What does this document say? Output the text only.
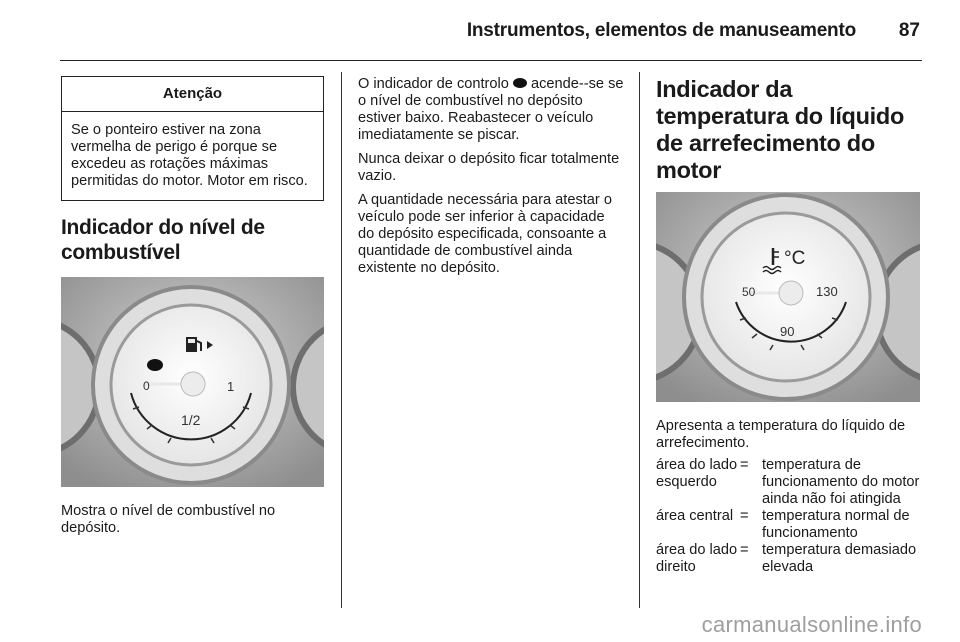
Instrumentos, elementos de manuseamento 87
Atenção
Se o ponteiro estiver na zona vermelha de perigo é porque se excedeu as rotações máximas permitidas do motor. Motor em risco.
Indicador do nível de combustível
0	1
1/2

Mostra o nível de combustível no depósito.

O indicador de controlo acende--se se o nível de combustível no depósito estiver baixo. Reabastecer o veículo imediatamente se piscar.

Nunca deixar o depósito ficar totalmente vazio.

A quantidade necessária para atestar o veículo pode ser inferior à capacidade do depósito especificada, consoante a quantidade de combustível ainda existente no depósito.

Indicador da temperatura do líquido de arrefecimento do motor
°C
50
90
130

Apresenta a temperatura do líquido de arrefecimento.

área do lado esquerdo
= temperatura de funcionamento do motor ainda não foi atingida
área central = temperatura normal de funcionamento
área do lado direito
= temperatura demasiado elevada
carmanualsonline.info
